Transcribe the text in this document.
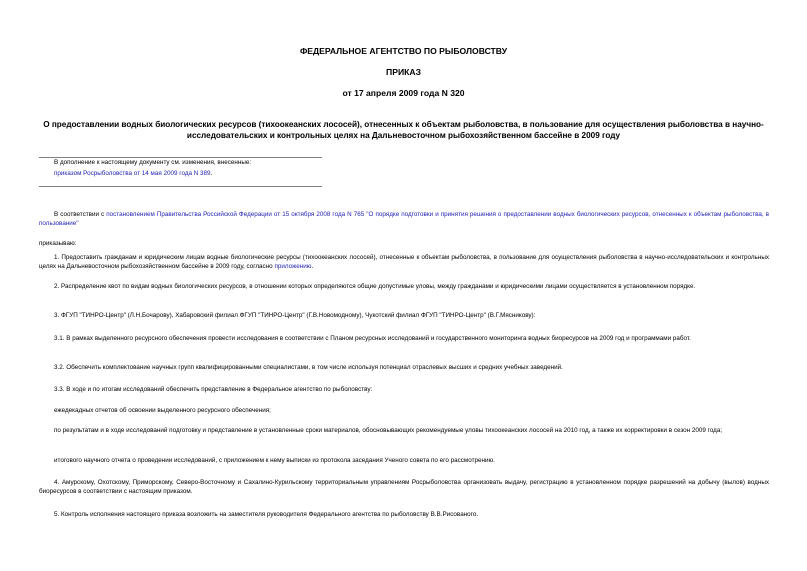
ФЕДЕРАЛЬНОЕ АГЕНТСТВО ПО РЫБОЛОВСТВУ
ПРИКАЗ
от 17 апреля 2009 года N 320
О предоставлении водных биологических ресурсов (тихоокеанских лососей), отнесенных к объектам рыболовства, в пользование для осуществления рыболовства в научно-исследовательских и контрольных целях на Дальневосточном рыбохозяйственном бассейне в 2009 году
В дополнение к настоящему документу см. изменения, внесенные:
приказом Росрыболовства от 14 мая 2009 года N 389.
В соответствии с постановлением Правительства Российской Федерации от 15 октября 2008 года N 765 "О порядке подготовки и принятия решения о предоставлении водных биологических ресурсов, отнесенных к объектам рыболовства, в пользование"
приказываю:
1. Предоставить гражданам и юридическим лицам водные биологические ресурсы (тихоокеанских лососей), отнесенные к объектам рыболовства, в пользование для осуществления рыболовства в научно-исследовательских и контрольных целях на Дальневосточном рыбохозяйственном бассейне в 2009 году, согласно приложению.
2. Распределение квот по видам водных биологических ресурсов, в отношении которых определяются общие допустимые уловы, между гражданами и юридическими лицами осуществляется в установленном порядке.
3. ФГУП "ТИНРО-Центр" (Л.Н.Бочарову), Хабаровский филиал ФГУП "ТИНРО-Центр" (Г.В.Новомодному), Чукотский филиал ФГУП "ТИНРО-Центр" (В.Г.Мясникову):
3.1. В рамках выделенного ресурсного обеспечения провести исследования в соответствии с Планом ресурсных исследований и государственного мониторинга водных биоресурсов на 2009 год и программами работ.
3.2. Обеспечить комплектование научных групп квалифицированными специалистами, в том числе используя потенциал отраслевых высших и средних учебных заведений.
3.3. В ходе и по итогам исследований обеспечить представление в Федеральное агентство по рыболовству:
ежедекадных отчетов об освоении выделенного ресурсного обеспечения;
по результатам и в ходе исследований подготовку и представление в установленные сроки материалов, обосновывающих рекомендуемые уловы тихоокеанских лососей на 2010 год, а также их корректировки в сезон 2009 года;
итогового научного отчета о проведении исследований, с приложением к нему выписки из протокола заседания Ученого совета по его рассмотрению.
4. Амурскому, Охотскому, Приморскому, Северо-Восточному и Сахалино-Курильскому территориальным управлениям Росрыболовства организовать выдачу, регистрацию в установленном порядке разрешений на добычу (вылов) водных биоресурсов в соответствии с настоящим приказом.
5. Контроль исполнения настоящего приказа возложить на заместителя руководителя Федерального агентства по рыболовству В.В.Рисованого.
